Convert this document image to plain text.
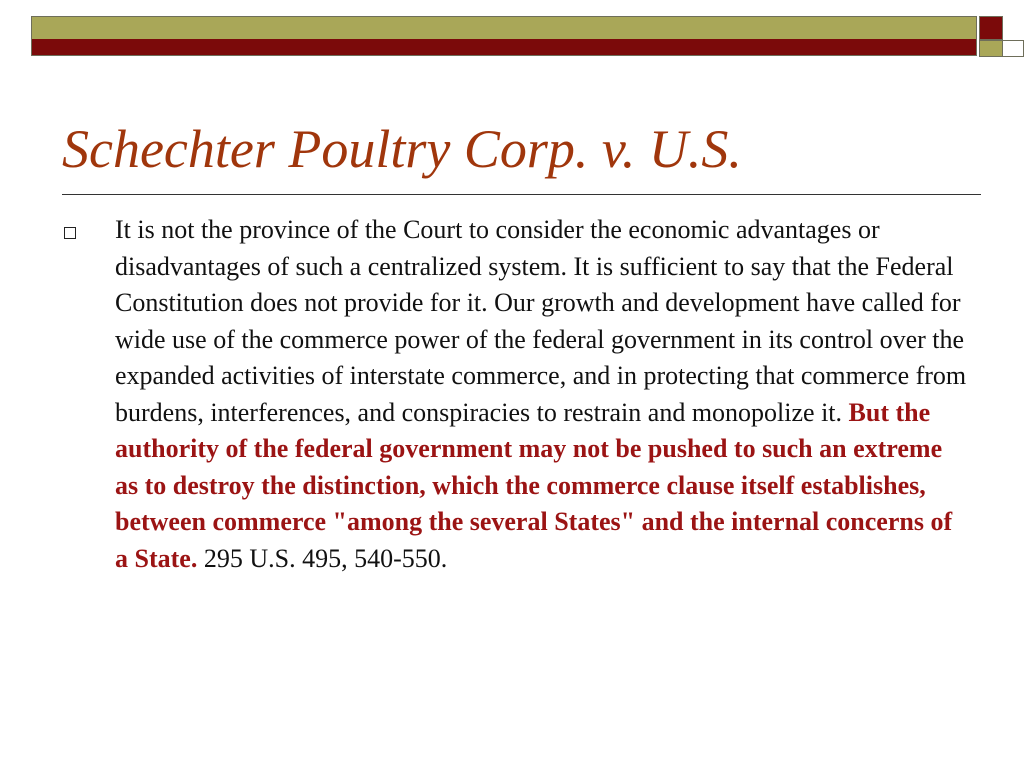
Schechter Poultry Corp. v. U.S.

It is not the province of the Court to consider the economic advantages or disadvantages of such a centralized system. It is sufficient to say that the Federal Constitution does not provide for it. Our growth and development have called for wide use of the commerce power of the federal government in its control over the expanded activities of interstate commerce, and in protecting that commerce from burdens, interferences, and conspiracies to restrain and monopolize it. But the authority of the federal government may not be pushed to such an extreme as to destroy the distinction, which the commerce clause itself establishes, between commerce "among the several States" and the internal concerns of a State. 295 U.S. 495, 540-550.
